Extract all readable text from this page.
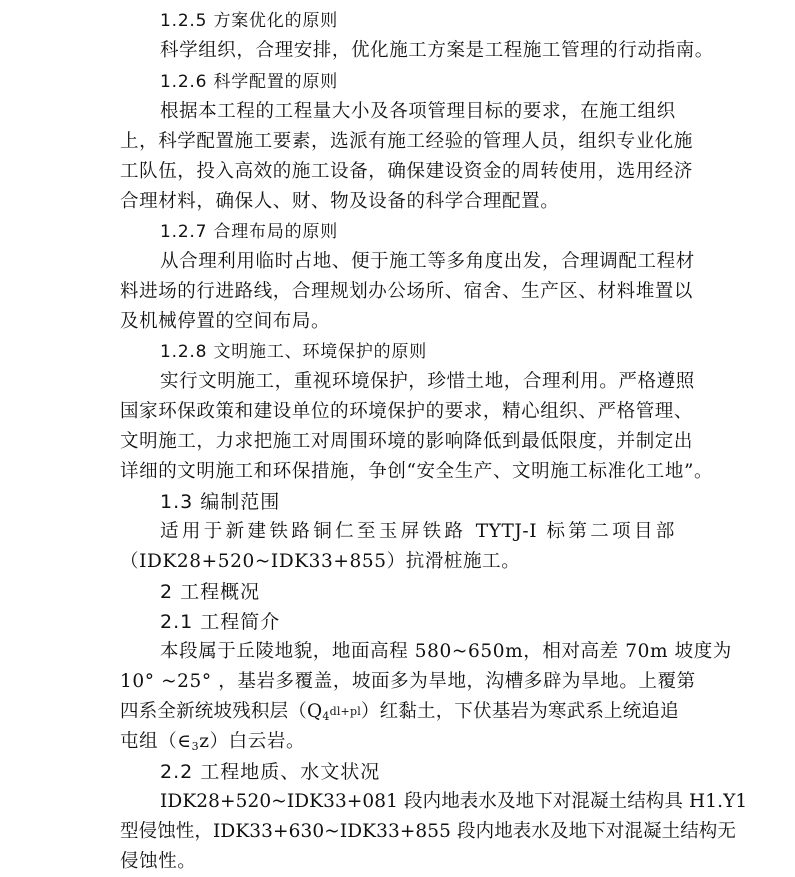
1.2.5 方案优化的原则
科学组织，合理安排，优化施工方案是工程施工管理的行动指南。
1.2.6 科学配置的原则
根据本工程的工程量大小及各项管理目标的要求，在施工组织
上，科学配置施工要素，选派有施工经验的管理人员，组织专业化施
工队伍，投入高效的施工设备，确保建设资金的周转使用，选用经济
合理材料，确保人、财、物及设备的科学合理配置。
1.2.7 合理布局的原则
从合理利用临时占地、便于施工等多角度出发，合理调配工程材
料进场的行进路线，合理规划办公场所、宿舍、生产区、材料堆置以
及机械停置的空间布局。
1.2.8 文明施工、环境保护的原则
实行文明施工，重视环境保护，珍惜土地，合理利用。严格遵照
国家环保政策和建设单位的环境保护的要求，精心组织、严格管理、
文明施工，力求把施工对周围环境的影响降低到最低限度，并制定出
详细的文明施工和环保措施，争创“安全生产、文明施工标准化工地”。
1.3 编制范围
适用于新建铁路铜仁至玉屏铁路 TYTJ-I 标第二项目部
（IDK28+520~IDK33+855）抗滑桩施工。
2 工程概况
2.1 工程简介
本段属于丘陵地貌，地面高程 580~650m，相对高差 70m 坡度为
10° ~25° ，基岩多覆盖，坡面多为旱地，沟槽多辟为旱地。上覆第
四系全新统坡残积层$(Q_4^{dl+pl})$红黏土，下伏基岩为寒武系上统追追
屯组$(\in_3z)$白云岩。
2.2 工程地质、水文状况
IDK28+520~IDK33+081 段内地表水及地下对混凝土结构具 H1.Y1
型侵蚀性，IDK33+630~IDK33+855 段内地表水及地下对混凝土结构无
侵蚀性。
